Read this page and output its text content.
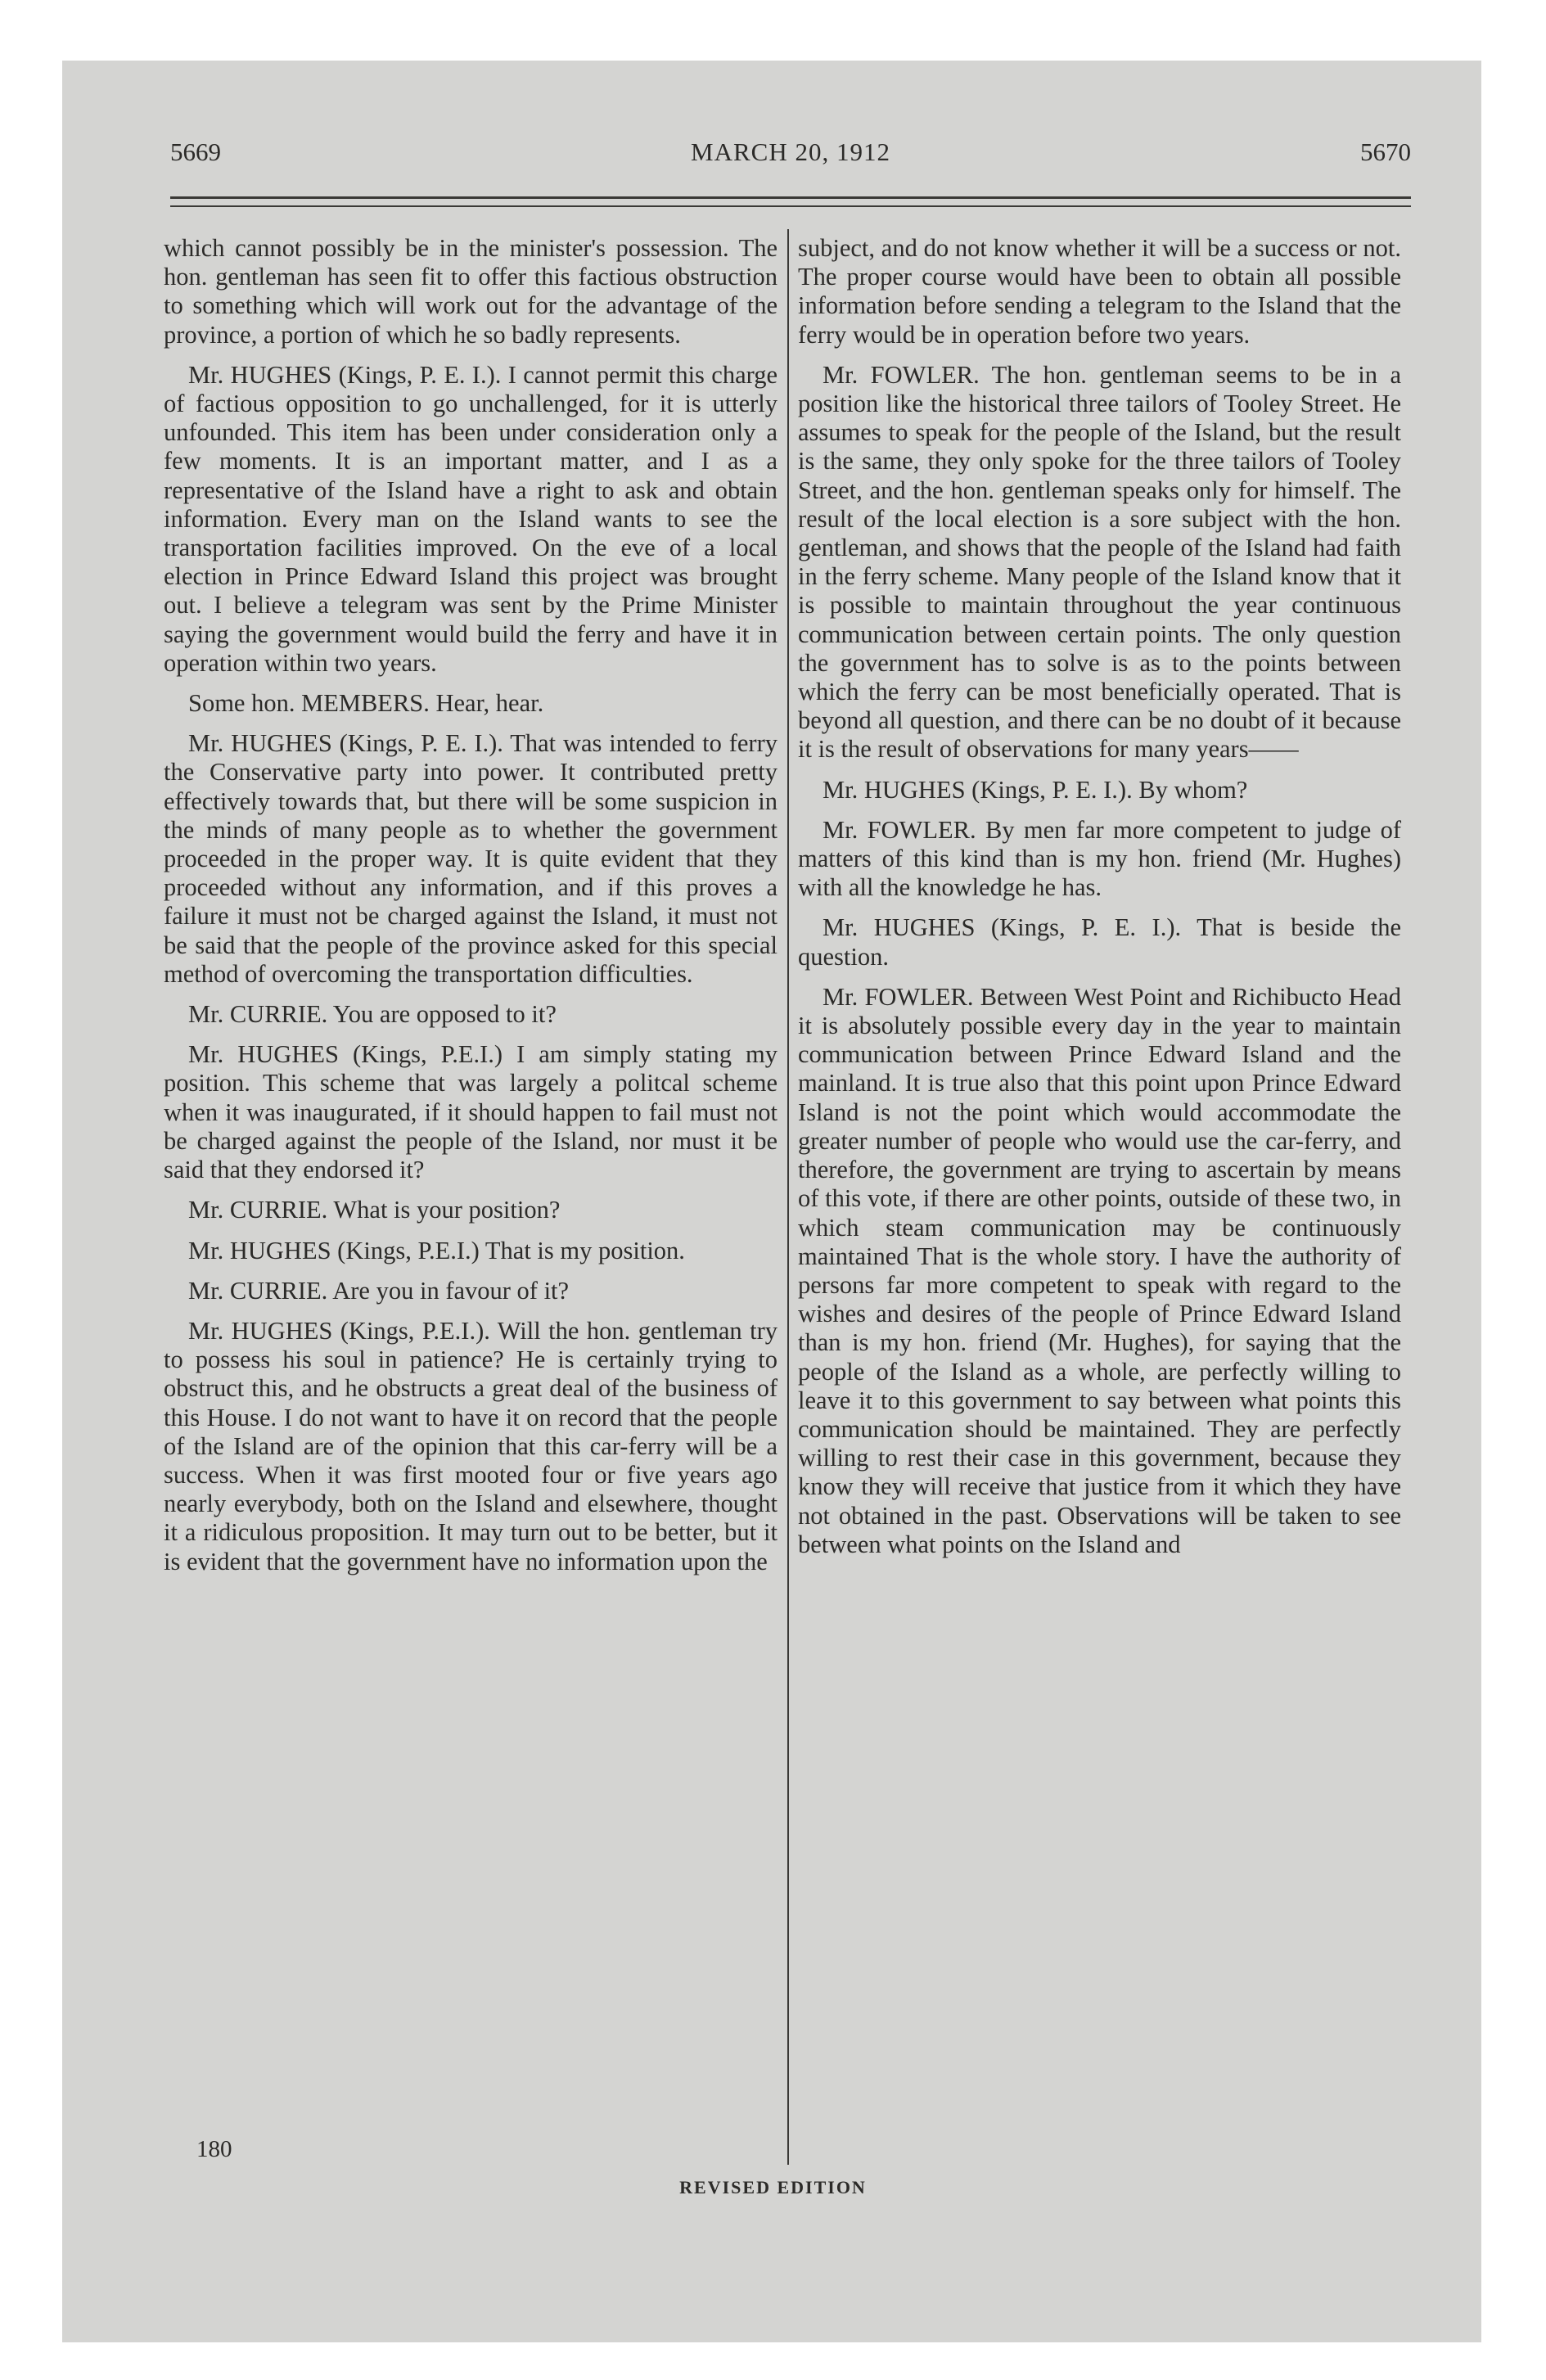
5669	MARCH 20, 1912	5670

which cannot possibly be in the minister's possession. The hon. gentleman has seen fit to offer this factious obstruction to something which will work out for the advantage of the province, a portion of which he so badly represents.

Mr. HUGHES (Kings, P. E. I.). I cannot permit this charge of factious opposition to go unchallenged, for it is utterly unfounded. This item has been under consideration only a few moments. It is an important matter, and I as a representative of the Island have a right to ask and obtain information. Every man on the Island wants to see the transportation facilities improved. On the eve of a local election in Prince Edward Island this project was brought out. I believe a telegram was sent by the Prime Minister saying the government would build the ferry and have it in operation within two years.

Some hon. MEMBERS. Hear, hear.

Mr. HUGHES (Kings, P. E. I.). That was intended to ferry the Conservative party into power. It contributed pretty effectively towards that, but there will be some suspicion in the minds of many people as to whether the government proceeded in the proper way. It is quite evident that they proceeded without any information, and if this proves a failure it must not be charged against the Island, it must not be said that the people of the province asked for this special method of overcoming the transportation difficulties.

Mr. CURRIE. You are opposed to it?

Mr. HUGHES (Kings, P.E.I.) I am simply stating my position. This scheme that was largely a politcal scheme when it was inaugurated, if it should happen to fail must not be charged against the people of the Island, nor must it be said that they endorsed it?

Mr. CURRIE. What is your position?

Mr. HUGHES (Kings, P.E.I.) That is my position.

Mr. CURRIE. Are you in favour of it?

Mr. HUGHES (Kings, P.E.I.). Will the hon. gentleman try to possess his soul in patience? He is certainly trying to obstruct this, and he obstructs a great deal of the business of this House. I do not want to have it on record that the people of the Island are of the opinion that this car-ferry will be a success. When it was first mooted four or five years ago nearly everybody, both on the Island and elsewhere, thought it a ridiculous proposition. It may turn out to be better, but it is evident that the government have no information upon the

subject, and do not know whether it will be a success or not. The proper course would have been to obtain all possible information before sending a telegram to the Island that the ferry would be in operation before two years.

Mr. FOWLER. The hon. gentleman seems to be in a position like the historical three tailors of Tooley Street. He assumes to speak for the people of the Island, but the result is the same, they only spoke for the three tailors of Tooley Street, and the hon. gentleman speaks only for himself. The result of the local election is a sore subject with the hon. gentleman, and shows that the people of the Island had faith in the ferry scheme. Many people of the Island know that it is possible to maintain throughout the year continuous communication between certain points. The only question the government has to solve is as to the points between which the ferry can be most beneficially operated. That is beyond all question, and there can be no doubt of it because it is the result of observations for many years——

Mr. HUGHES (Kings, P. E. I.). By whom?

Mr. FOWLER. By men far more competent to judge of matters of this kind than is my hon. friend (Mr. Hughes) with all the knowledge he has.

Mr. HUGHES (Kings, P. E. I.). That is beside the question.

Mr. FOWLER. Between West Point and Richibucto Head it is absolutely possible every day in the year to maintain communication between Prince Edward Island and the mainland. It is true also that this point upon Prince Edward Island is not the point which would accommodate the greater number of people who would use the car-ferry, and therefore, the government are trying to ascertain by means of this vote, if there are other points, outside of these two, in which steam communication may be continuously maintained That is the whole story. I have the authority of persons far more competent to speak with regard to the wishes and desires of the people of Prince Edward Island than is my hon. friend (Mr. Hughes), for saying that the people of the Island as a whole, are perfectly willing to leave it to this government to say between what points this communication should be maintained. They are perfectly willing to rest their case in this government, because they know they will receive that justice from it which they have not obtained in the past. Observations will be taken to see between what points on the Island and

180
REVISED EDITION
